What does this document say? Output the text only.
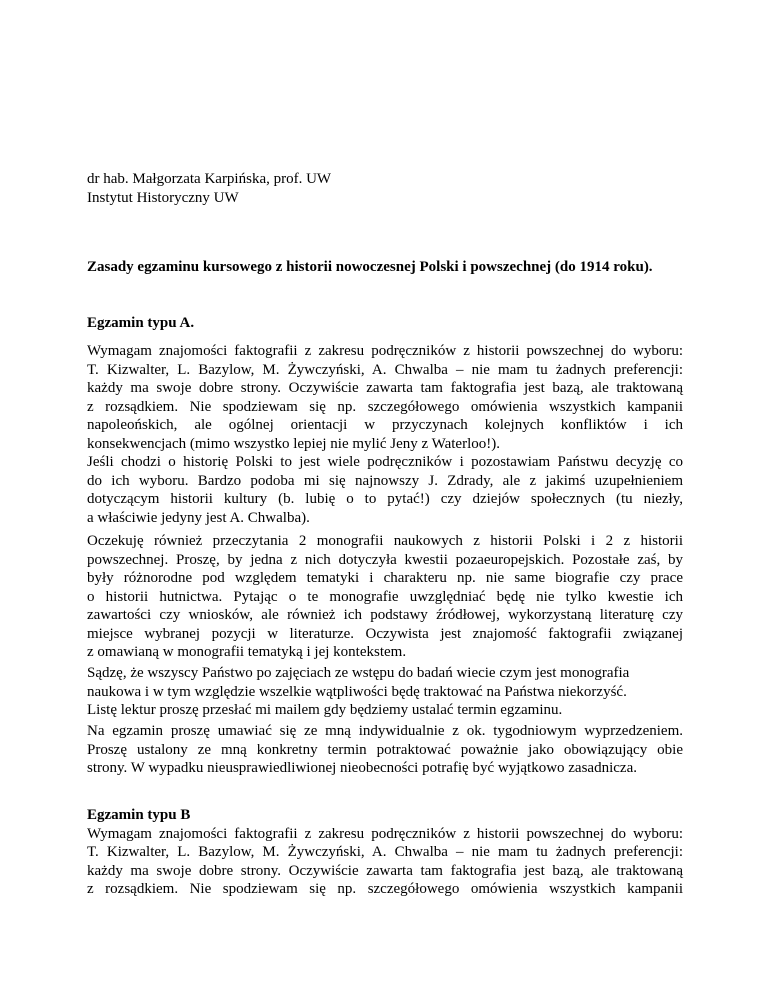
dr hab. Małgorzata Karpińska, prof. UW
Instytut Historyczny UW
Zasady egzaminu kursowego z historii nowoczesnej Polski i powszechnej (do 1914 roku).
Egzamin typu A.
Wymagam znajomości faktografii z zakresu podręczników z historii powszechnej do wyboru:
T. Kizwalter, L. Bazylow, M. Żywczyński, A. Chwalba – nie mam tu żadnych preferencji:
każdy ma swoje dobre strony. Oczywiście zawarta tam faktografia jest bazą, ale traktowaną
z rozsądkiem. Nie spodziewam się np. szczegółowego omówienia wszystkich kampanii
napoleońskich, ale ogólnej orientacji w przyczynach kolejnych konfliktów i ich
konsekwencjach (mimo wszystko lepiej nie mylić Jeny z Waterloo!).
Jeśli chodzi o historię Polski to jest wiele podręczników i pozostawiam Państwu decyzję co
do ich wyboru. Bardzo podoba mi się najnowszy J. Zdrady, ale z jakimś uzupełnieniem
dotyczącym historii kultury (b. lubię o to pytać!) czy dziejów społecznych (tu niezły,
a właściwie jedyny jest A. Chwalba).
Oczekuję również przeczytania 2 monografii naukowych z historii Polski i 2 z historii
powszechnej. Proszę, by jedna z nich dotyczyła kwestii pozaeuropejskich. Pozostałe zaś, by
były różnorodne pod względem tematyki i charakteru np. nie same biografie czy prace
o historii hutnictwa. Pytając o te monografie uwzględniać będę nie tylko kwestie ich
zawartości czy wniosków, ale również ich podstawy źródłowej, wykorzystaną literaturę czy
miejsce wybranej pozycji w literaturze. Oczywista jest znajomość faktografii związanej
z omawianą w monografii tematyką i jej kontekstem.
Sądzę, że wszyscy Państwo po zajęciach ze wstępu do badań wiecie czym jest monografia
naukowa i w tym względzie wszelkie wątpliwości będę traktować na Państwa niekorzyść.
Listę lektur proszę przesłać mi mailem gdy będziemy ustalać termin egzaminu.
Na egzamin proszę umawiać się ze mną indywidualnie z ok. tygodniowym wyprzedzeniem.
Proszę ustalony ze mną konkretny termin potraktować poważnie jako obowiązujący obie
strony. W wypadku nieusprawiedliwionej nieobecności potrafię być wyjątkowo zasadnicza.
Egzamin typu B
Wymagam znajomości faktografii z zakresu podręczników z historii powszechnej do wyboru:
T. Kizwalter, L. Bazylow, M. Żywczyński, A. Chwalba – nie mam tu żadnych preferencji:
każdy ma swoje dobre strony. Oczywiście zawarta tam faktografia jest bazą, ale traktowaną
z rozsądkiem. Nie spodziewam się np. szczegółowego omówienia wszystkich kampanii
